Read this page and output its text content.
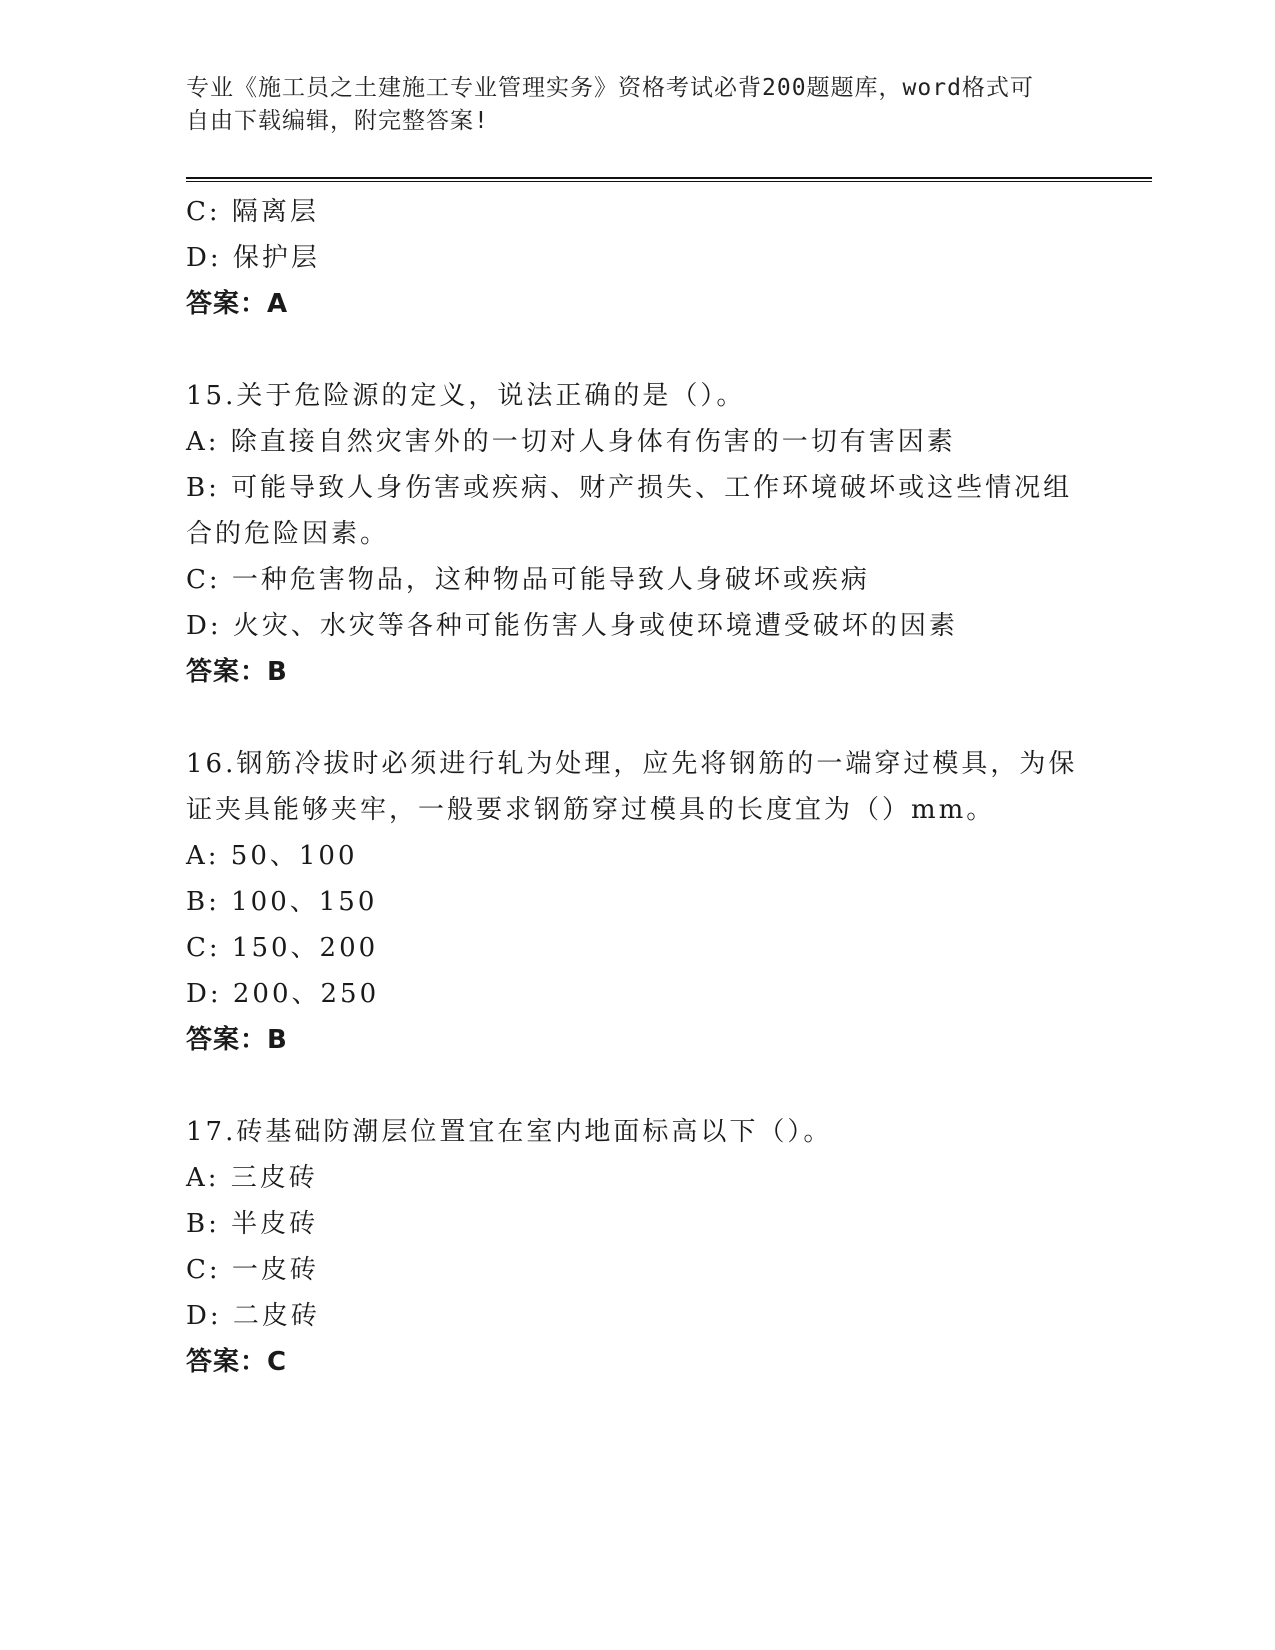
专业《施工员之土建施工专业管理实务》资格考试必背200题题库，word格式可
自由下载编辑，附完整答案!
C: 隔离层
D: 保护层
答案：A
15.关于危险源的定义，说法正确的是（）。
A: 除直接自然灾害外的一切对人身体有伤害的一切有害因素
B: 可能导致人身伤害或疾病、财产损失、工作环境破坏或这些情况组
合的危险因素。
C: 一种危害物品，这种物品可能导致人身破坏或疾病
D: 火灾、水灾等各种可能伤害人身或使环境遭受破坏的因素
答案：B
16.钢筋冷拔时必须进行轧为处理，应先将钢筋的一端穿过模具，为保
证夹具能够夹牢，一般要求钢筋穿过模具的长度宜为（）mm。
A: 50、100
B: 100、150
C: 150、200
D: 200、250
答案：B
17.砖基础防潮层位置宜在室内地面标高以下（）。
A: 三皮砖
B: 半皮砖
C: 一皮砖
D: 二皮砖
答案：C
